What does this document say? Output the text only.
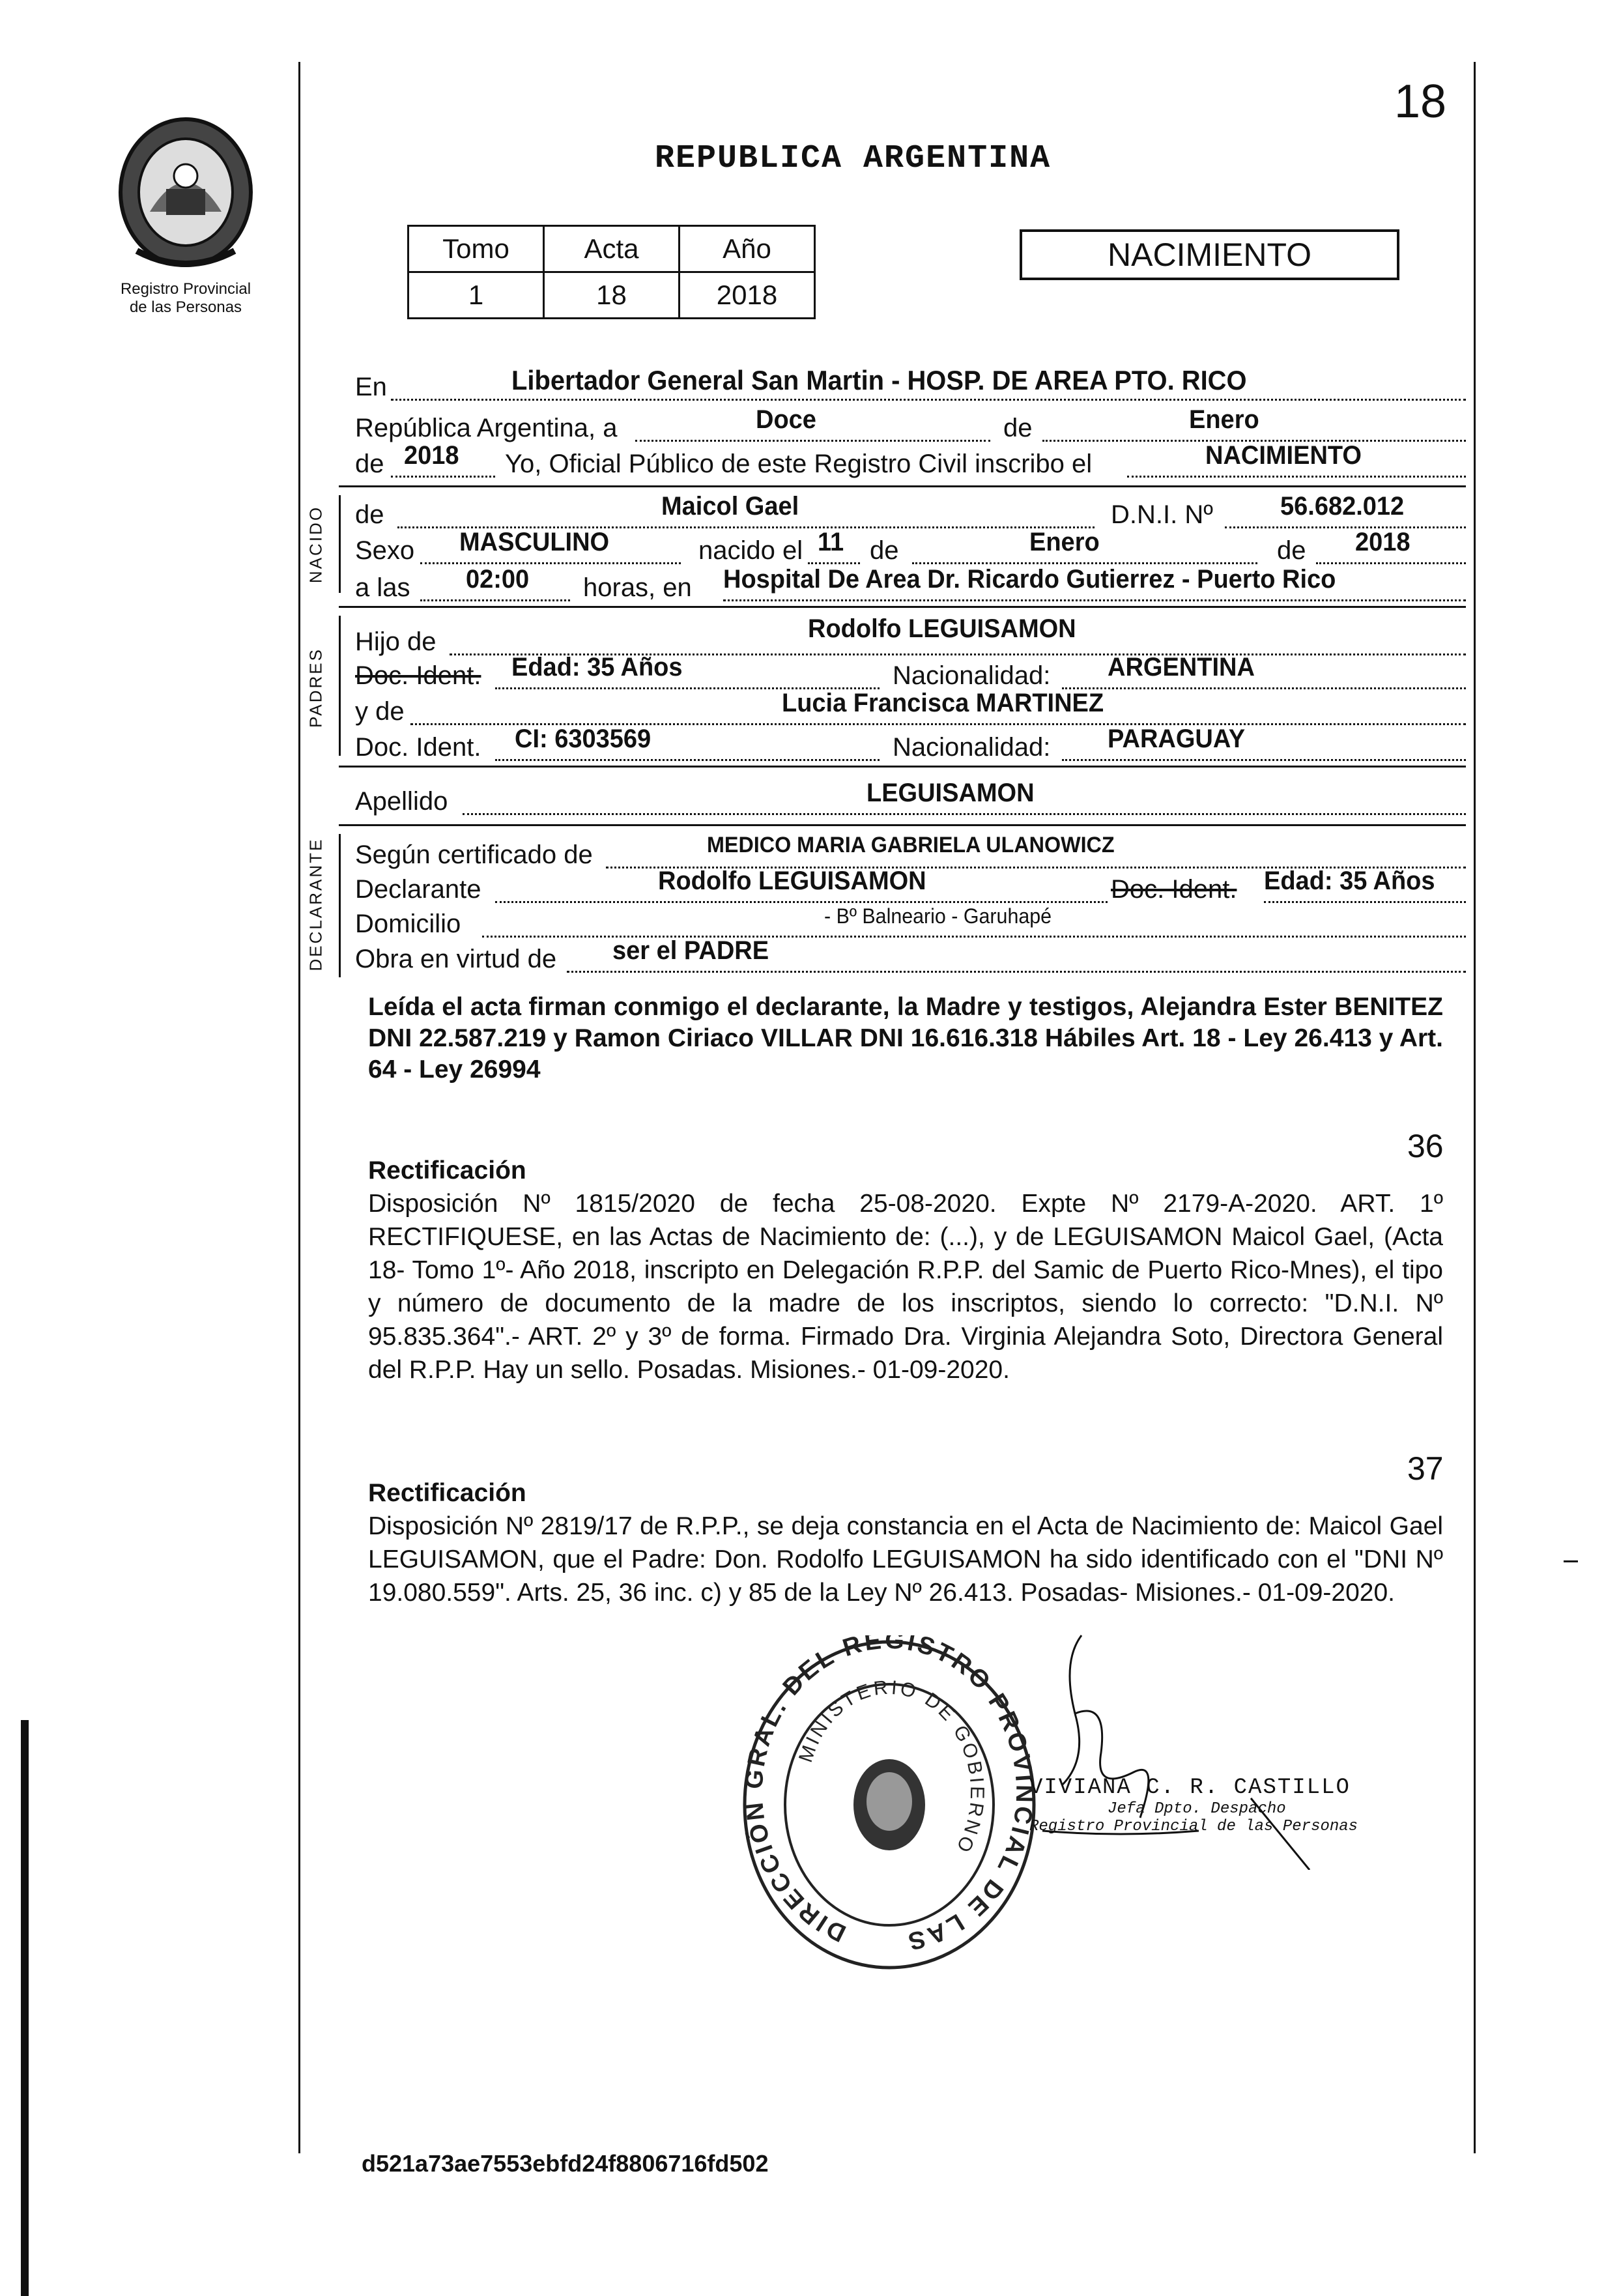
Registro Provincial
de las Personas
18
REPUBLICA ARGENTINA
Tomo	Acta	Año
1	18	2018
NACIMIENTO
En	Libertador General San Martin - HOSP. DE AREA PTO. RICO
República Argentina, a	Doce	de	Enero
de 2018 Yo, Oficial Público de este Registro Civil inscribo el	NACIMIENTO
NACIDO de	Maicol Gael	D.N.I. Nº	56.682.012
Sexo MASCULINO	nacido el 11 de	Enero	de 2018
a las 02:00 horas, en Hospital De Area Dr. Ricardo Gutierrez - Puerto Rico
PADRES
Hijo de	Rodolfo LEGUISAMON
Doc. Ident. Edad: 35 Años	Nacionalidad: ARGENTINA
y de	Lucia Francisca MARTINEZ
Doc. Ident. CI: 6303569	Nacionalidad: PARAGUAY
Apellido	LEGUISAMON
DECLARANTE Según certificado de	MEDICO MARIA GABRIELA ULANOWICZ
Declarante	Rodolfo LEGUISAMON	Doc. Ident. Edad: 35 Años
Domicilio	- Bº Balneario - Garuhapé
Obra en virtud de ser el PADRE
Leída el acta firman conmigo el declarante, la Madre y testigos, Alejandra Ester BENITEZ DNI 22.587.219 y Ramon Ciriaco VILLAR DNI 16.616.318 Hábiles Art. 18 - Ley 26.413 y Art. 64 - Ley 26994
36
Rectificación
Disposición Nº 1815/2020 de fecha 25-08-2020. Expte Nº 2179-A-2020. ART. 1º RECTIFIQUESE, en las Actas de Nacimiento de: (...), y de LEGUISAMON Maicol Gael, (Acta 18- Tomo 1º- Año 2018, inscripto en Delegación R.P.P. del Samic de Puerto Rico-Mnes), el tipo y número de documento de la madre de los inscriptos, siendo lo correcto: "D.N.I. Nº 95.835.364".- ART. 2º y 3º de forma. Firmado Dra. Virginia Alejandra Soto, Directora General del R.P.P. Hay un sello. Posadas. Misiones.- 01-09-2020.
37
Rectificación
Disposición Nº 2819/17 de R.P.P., se deja constancia en el Acta de Nacimiento de: Maicol Gael LEGUISAMON, que el Padre: Don. Rodolfo LEGUISAMON ha sido identificado con el "DNI Nº 19.080.559". Arts. 25, 36 inc. c) y 85 de la Ley Nº 26.413. Posadas- Misiones.- 01-09-2020.
DIRECCIÓN GRAL. DEL REGISTRO PROVINCIAL DE LAS
MINISTERIO DE GOBIERNO
VIVIANA C. R. CASTILLO
Jefa Dpto. Despacho
Registro Provincial de las Personas
d521a73ae7553ebfd24f8806716fd502
